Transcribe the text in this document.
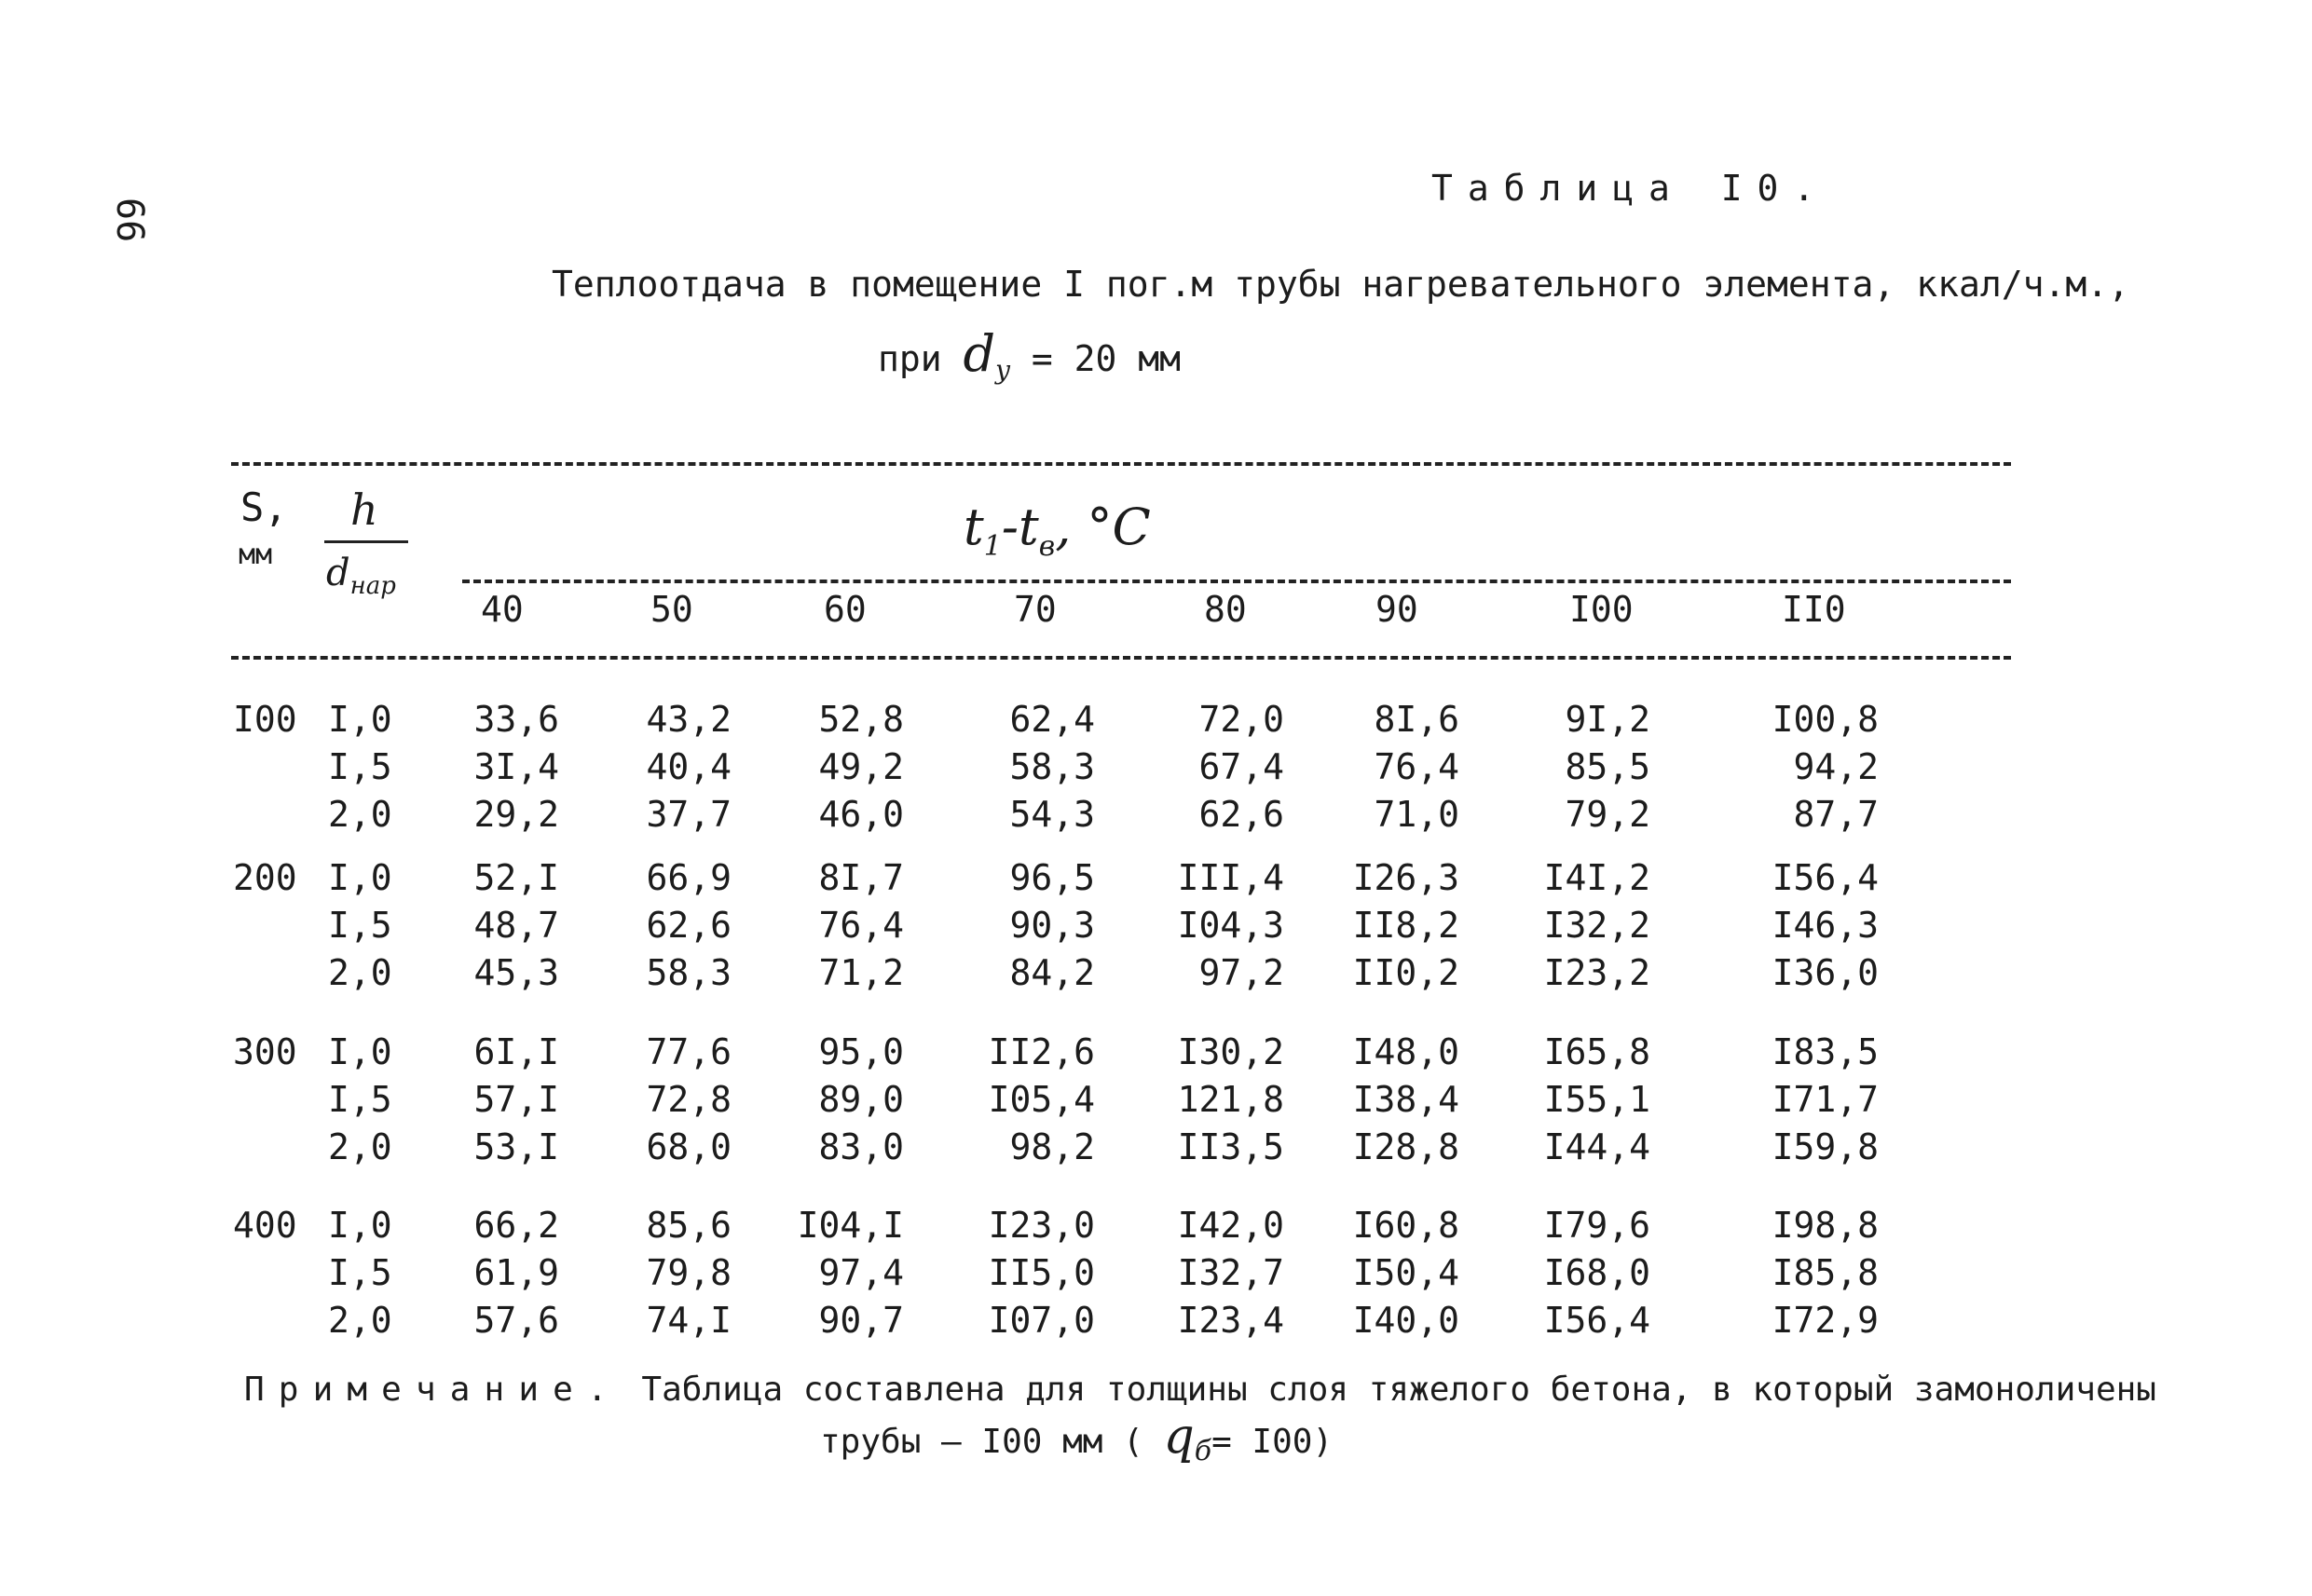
66
Таблица I0.
Теплоотдача в помещение I пог.м трубы нагревательного элемента, ккал/ч.м.,
при $d_y = 20$ мм
S,
мм
h
$d_{нар}$
$t_1-t_в$, °C
40	50	60	70	80	90	I00	II0
I00 I,0	33,6	43,2	52,8	62,4	72,0	8I,6	9I,2	I00,8
I,5	3I,4	40,4	49,2	58,3	67,4	76,4	85,5	94,2
2,0	29,2	37,7	46,0	54,3	62,6	71,0	79,2	87,7
200 I,0	52,I	66,9	8I,7	96,5	III,4	I26,3	I4I,2	I56,4
I,5	48,7	62,6	76,4	90,3	I04,3	II8,2	I32,2	I46,3
2,0	45,3	58,3	71,2	84,2	97,2	II0,2	I23,2	I36,0
300 I,0	6I,I	77,6	95,0	II2,6	I30,2	I48,0	I65,8	I83,5
I,5	57,I	72,8	89,0	I05,4	121,8	I38,4	I55,1	I71,7
2,0	53,I	68,0	83,0	98,2	II3,5	I28,8	I44,4	I59,8
400 I,0	66,2	85,6	I04,I	I23,0	I42,0	I60,8	I79,6	I98,8
I,5	61,9	79,8	97,4	II5,0	I32,7	I50,4	I68,0	I85,8
2,0	57,6	74,I	90,7	I07,0	I23,4	I40,0	I56,4	I72,9
Примечание. Таблица составлена для толщины слоя тяжелого бетона, в который замоноличены
трубы — I00 мм ( $q_б= I00$)
